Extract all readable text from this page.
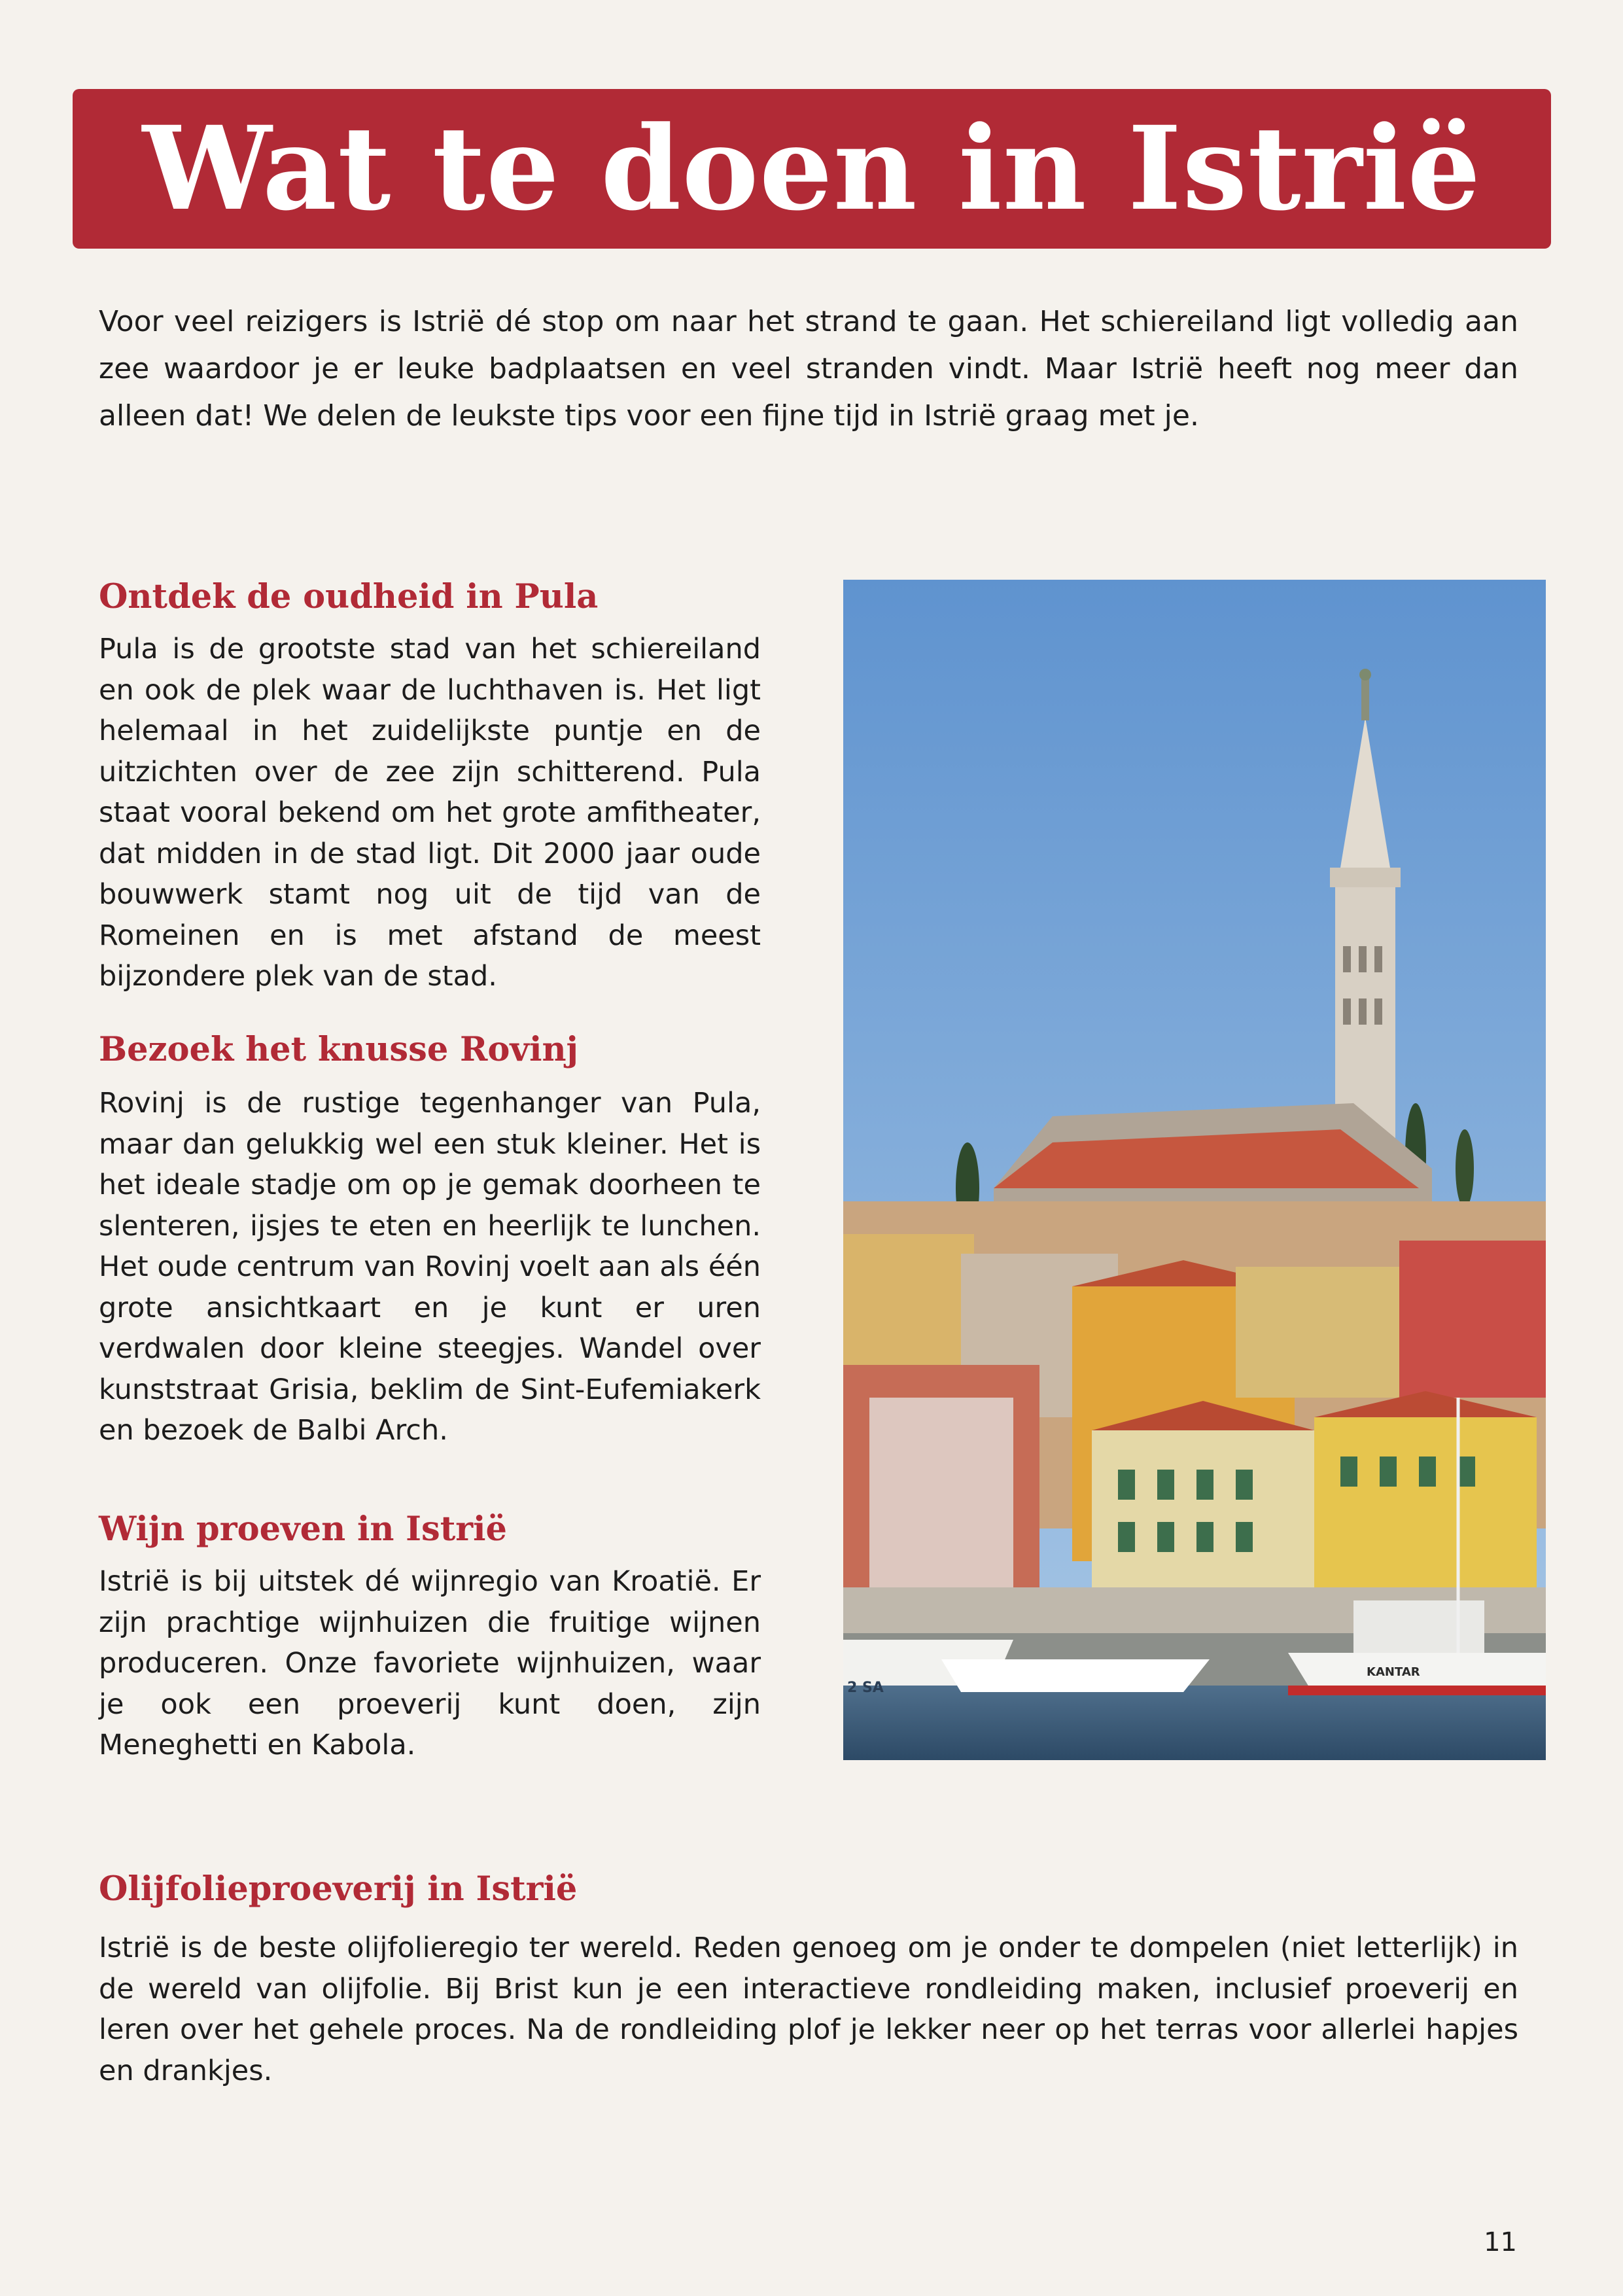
Wat te doen in Istrië

Voor veel reizigers is Istrië dé stop om naar het strand te gaan. Het schiereiland ligt volledig aan zee waardoor je er leuke badplaatsen en veel stranden vindt. Maar Istrië heeft nog meer dan alleen dat! We delen de leukste tips voor een fijne tijd in Istrië graag met je.

Ontdek de oudheid in Pula

Pula is de grootste stad van het schiereiland en ook de plek waar de luchthaven is. Het ligt helemaal in het zuidelijkste puntje en de uitzichten over de zee zijn schitterend. Pula staat vooral bekend om het grote amfitheater, dat midden in de stad ligt. Dit 2000 jaar oude bouwwerk stamt nog uit de tijd van de Romeinen en is met afstand de meest bijzondere plek van de stad.

Bezoek het knusse Rovinj

Rovinj is de rustige tegenhanger van Pula, maar dan gelukkig wel een stuk kleiner. Het is het ideale stadje om op je gemak doorheen te slenteren, ijsjes te eten en heerlijk te lunchen. Het oude centrum van Rovinj voelt aan als één grote ansichtkaart en je kunt er uren verdwalen door kleine steegjes. Wandel over kunststraat Grisia, beklim de Sint-Eufemiakerk en bezoek de Balbi Arch.

Wijn proeven in Istrië

Istrië is bij uitstek dé wijnregio van Kroatië. Er zijn prachtige wijnhuizen die fruitige wijnen produceren. Onze favoriete wijnhuizen, waar je ook een proeverij kunt doen, zijn Meneghetti en Kabola.

2 SA
KANTAR
Olijfolieproeverij in Istrië

Istrië is de beste olijfolieregio ter wereld. Reden genoeg om je onder te dompelen (niet letterlijk) in de wereld van olijfolie. Bij Brist kun je een interactieve rondleiding maken, inclusief proeverij en leren over het gehele proces. Na de rondleiding plof je lekker neer op het terras voor allerlei hapjes en drankjes.

11
